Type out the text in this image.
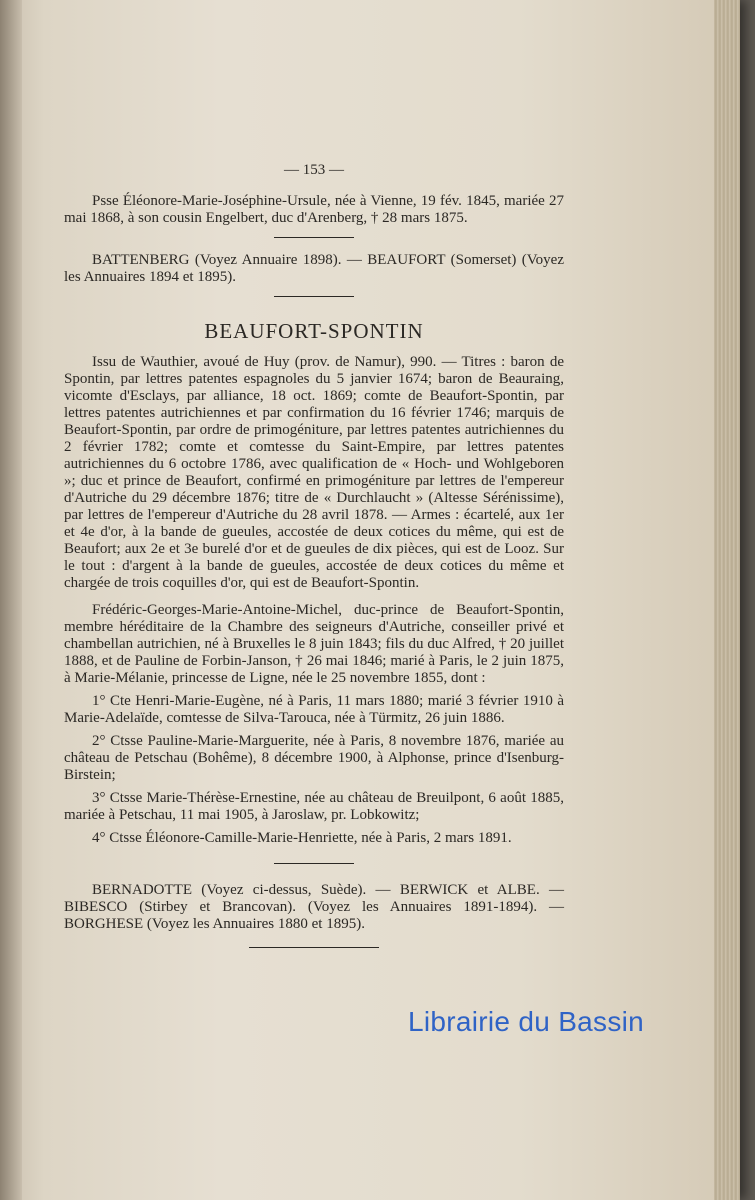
— 153 —

Psse Éléonore-Marie-Joséphine-Ursule, née à Vienne, 19 fév. 1845, mariée 27 mai 1868, à son cousin Engelbert, duc d'Arenberg, † 28 mars 1875.

BATTENBERG (Voyez Annuaire 1898). — BEAUFORT (Somerset) (Voyez les Annuaires 1894 et 1895).

BEAUFORT-SPONTIN

Issu de Wauthier, avoué de Huy (prov. de Namur), 990. — Titres : baron de Spontin, par lettres patentes espagnoles du 5 janvier 1674; baron de Beauraing, vicomte d'Esclays, par alliance, 18 oct. 1869; comte de Beaufort-Spontin, par lettres patentes autrichiennes et par confirmation du 16 février 1746; marquis de Beaufort-Spontin, par ordre de primogéniture, par lettres patentes autrichiennes du 2 février 1782; comte et comtesse du Saint-Empire, par lettres patentes autrichiennes du 6 octobre 1786, avec qualification de « Hoch- und Wohlgeboren »; duc et prince de Beaufort, confirmé en primogéniture par lettres de l'empereur d'Autriche du 29 décembre 1876; titre de « Durchlaucht » (Altesse Sérénissime), par lettres de l'empereur d'Autriche du 28 avril 1878. — Armes : écartelé, aux 1er et 4e d'or, à la bande de gueules, accostée de deux cotices du même, qui est de Beaufort; aux 2e et 3e burelé d'or et de gueules de dix pièces, qui est de Looz. Sur le tout : d'argent à la bande de gueules, accostée de deux cotices du même et chargée de trois coquilles d'or, qui est de Beaufort-Spontin.

Frédéric-Georges-Marie-Antoine-Michel, duc-prince de Beaufort-Spontin, membre héréditaire de la Chambre des seigneurs d'Autriche, conseiller privé et chambellan autrichien, né à Bruxelles le 8 juin 1843; fils du duc Alfred, † 20 juillet 1888, et de Pauline de Forbin-Janson, † 26 mai 1846; marié à Paris, le 2 juin 1875, à Marie-Mélanie, princesse de Ligne, née le 25 novembre 1855, dont :

1° Cte Henri-Marie-Eugène, né à Paris, 11 mars 1880; marié 3 février 1910 à Marie-Adelaïde, comtesse de Silva-Tarouca, née à Türmitz, 26 juin 1886.

2° Ctsse Pauline-Marie-Marguerite, née à Paris, 8 novembre 1876, mariée au château de Petschau (Bohême), 8 décembre 1900, à Alphonse, prince d'Isenburg-Birstein;

3° Ctsse Marie-Thérèse-Ernestine, née au château de Breuilpont, 6 août 1885, mariée à Petschau, 11 mai 1905, à Jaroslaw, pr. Lobkowitz;

4° Ctsse Éléonore-Camille-Marie-Henriette, née à Paris, 2 mars 1891.

BERNADOTTE (Voyez ci-dessus, Suède). — BERWICK et ALBE. — BIBESCO (Stirbey et Brancovan). (Voyez les Annuaires 1891-1894). — BORGHESE (Voyez les Annuaires 1880 et 1895).

Librairie du Bassin
